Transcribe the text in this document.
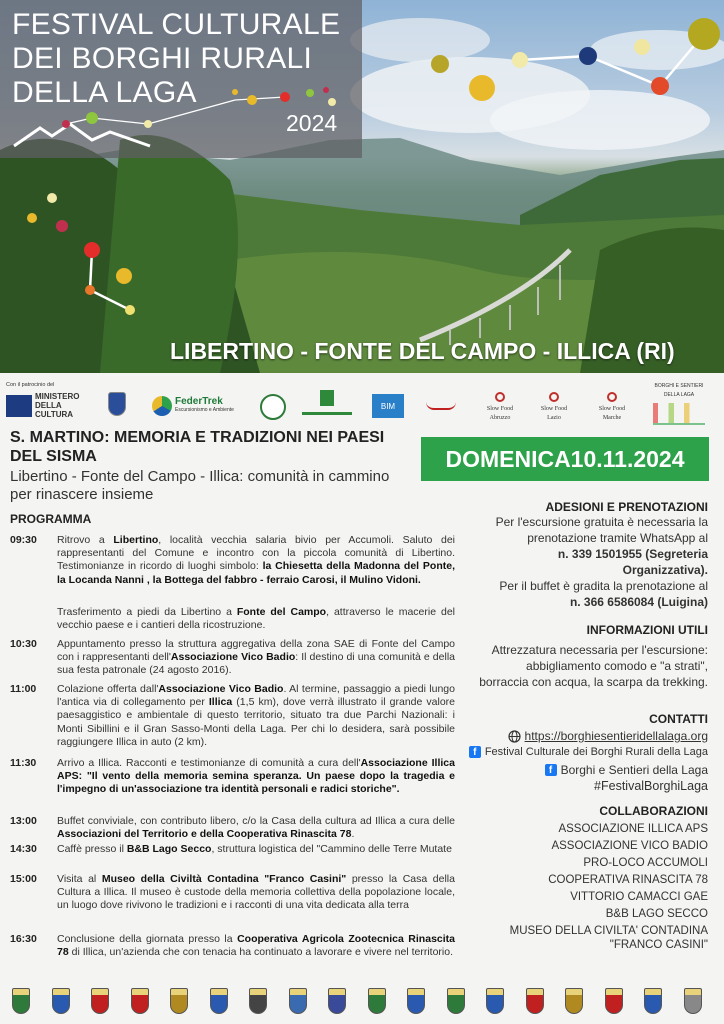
FESTIVAL CULTURALE
DEI BORGHI RURALI
DELLA LAGA
2024
LIBERTINO - FONTE DEL CAMPO - ILLICA (RI)
Con il patrocinio del
MINISTERO
DELLA
CULTURA
FederTrek
Escursionismo e Ambiente	BIM	Slow Food Abruzzo
Slow Food Lazio
Slow Food Marche
BORGHI E SENTIERI DELLA LAGA
S. MARTINO: MEMORIA E TRADIZIONI NEI PAESI DEL SISMA
Libertino - Fonte del Campo - Illica: comunità in cammino per rinascere insieme
DOMENICA10.11.2024
PROGRAMMA
09:30 Ritrovo a Libertino, località vecchia salaria bivio per Accumoli. Saluto dei rappresentanti del Comune e incontro con la piccola comunità di Libertino. Testimonianze in ricordo di luoghi simbolo: la Chiesetta della Madonna del Ponte, la Locanda Nanni , la Bottega del fabbro - ferraio Carosi, il Mulino Vidoni.
Trasferimento a piedi da Libertino a Fonte del Campo, attraverso le macerie del vecchio paese e i cantieri della ricostruzione.
10:30 Appuntamento presso la struttura aggregativa della zona SAE di Fonte del Campo con i rappresentanti dell'Associazione Vico Badio: Il destino di una comunità e della sua festa patronale (24 agosto 2016).
11:00 Colazione offerta dall'Associazione Vico Badio. Al termine, passaggio a piedi lungo l'antica via di collegamento per Illica (1,5 km), dove verrà illustrato il grande valore paesaggistico e ambientale di questo territorio, situato tra due Parchi Nazionali: i Monti Sibillini e il Gran Sasso-Monti della Laga. Per chi lo desidera, sarà possibile raggiungere Illica in auto (2 km).
11:30 Arrivo a Illica. Racconti e testimonianze di comunità a cura dell'Associazione Illica APS: "Il vento della memoria semina speranza. Un paese dopo la tragedia e l'impegno di un'associazione tra identità personali e radici storiche".
13:00 Buffet conviviale, con contributo libero, c/o la Casa della cultura ad Illica a cura delle Associazioni del Territorio e della Cooperativa Rinascita 78.
14:30 Caffè presso il B&B Lago Secco, struttura logistica del "Cammino delle Terre Mutate
15:00 Visita al Museo della Civiltà Contadina "Franco Casini" presso la Casa della Cultura a Illica. Il museo è custode della memoria collettiva della popolazione locale, un luogo dove rivivono le tradizioni e i racconti di una vita dedicata alla terra
16:30 Conclusione della giornata presso la Cooperativa Agricola Zootecnica Rinascita 78 di Illica, un'azienda che con tenacia ha continuato a lavorare e vivere nel territorio.
ADESIONI E PRENOTAZIONI
Per l'escursione gratuita è necessaria la prenotazione tramite WhatsApp al
n. 339 1501955 (Segreteria Organizzativa).
Per il buffet è gradita la prenotazione al
n. 366 6586084 (Luigina)
INFORMAZIONI UTILI
Attrezzatura necessaria per l'escursione: abbigliamento comodo e "a strati", borraccia con acqua, la scarpa da trekking.
CONTATTI
https://borghiesentieridellalaga.org
f Festival Culturale dei Borghi Rurali della Laga
f Borghi e Sentieri della Laga
#FestivalBorghiLaga
COLLABORAZIONI
ASSOCIAZIONE ILLICA APS
ASSOCIAZIONE VICO BADIO
PRO-LOCO ACCUMOLI
COOPERATIVA RINASCITA 78
VITTORIO CAMACCI GAE
B&B LAGO SECCO
MUSEO DELLA CIVILTA' CONTADINA
"FRANCO CASINI"
